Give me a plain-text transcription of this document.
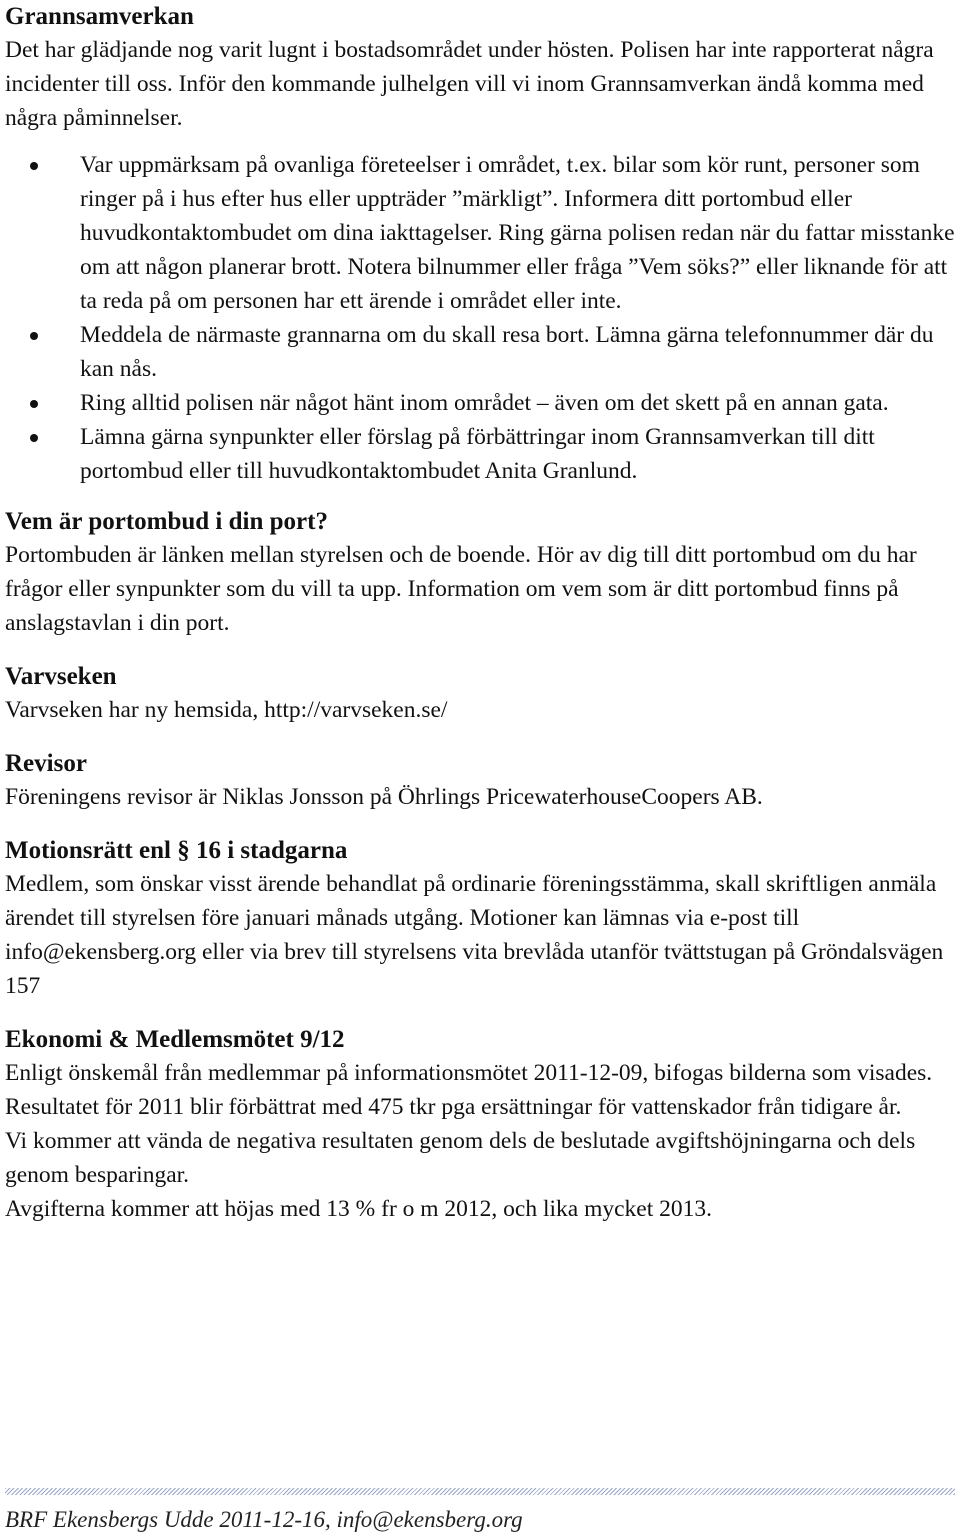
Grannsamverkan

Det har glädjande nog varit lugnt i bostadsområdet under hösten. Polisen har inte rapporterat några incidenter till oss. Inför den kommande julhelgen vill vi inom Grannsamverkan ändå komma med några påminnelser.

Var uppmärksam på ovanliga företeelser i området, t.ex. bilar som kör runt, personer som ringer på i hus efter hus eller uppträder ”märkligt”. Informera ditt portombud eller huvudkontaktombudet om dina iakttagelser. Ring gärna polisen redan när du fattar misstanke om att någon planerar brott. Notera bilnummer eller fråga ”Vem söks?” eller liknande för att ta reda på om personen har ett ärende i området eller inte.
Meddela de närmaste grannarna om du skall resa bort. Lämna gärna telefonnummer där du kan nås.
Ring alltid polisen när något hänt inom området – även om det skett på en annan gata.
Lämna gärna synpunkter eller förslag på förbättringar inom Grannsamverkan till ditt portombud eller till huvudkontaktombudet Anita Granlund.
Vem är portombud i din port?

Portombuden är länken mellan styrelsen och de boende. Hör av dig till ditt portombud om du har frågor eller synpunkter som du vill ta upp. Information om vem som är ditt portombud finns på anslagstavlan i din port.

Varvseken

Varvseken har ny hemsida, http://varvseken.se/

Revisor

Föreningens revisor är Niklas Jonsson på Öhrlings PricewaterhouseCoopers AB.

Motionsrätt enl § 16 i stadgarna

Medlem, som önskar visst ärende behandlat på ordinarie föreningsstämma, skall skriftligen anmäla ärendet till styrelsen före januari månads utgång. Motioner kan lämnas via e-post till info@ekensberg.org eller via brev till styrelsens vita brevlåda utanför tvättstugan på Gröndalsvägen 157

Ekonomi & Medlemsmötet 9/12

Enligt önskemål från medlemmar på informationsmötet 2011-12-09, bifogas bilderna som visades. Resultatet för 2011 blir förbättrat med 475 tkr pga ersättningar för vattenskador från tidigare år.

Vi kommer att vända de negativa resultaten genom dels de beslutade avgiftshöjningarna och dels genom besparingar.

Avgifterna kommer att höjas med 13 % fr o m 2012, och lika mycket 2013.

BRF Ekensbergs Udde 2011-12-16, info@ekensberg.org
